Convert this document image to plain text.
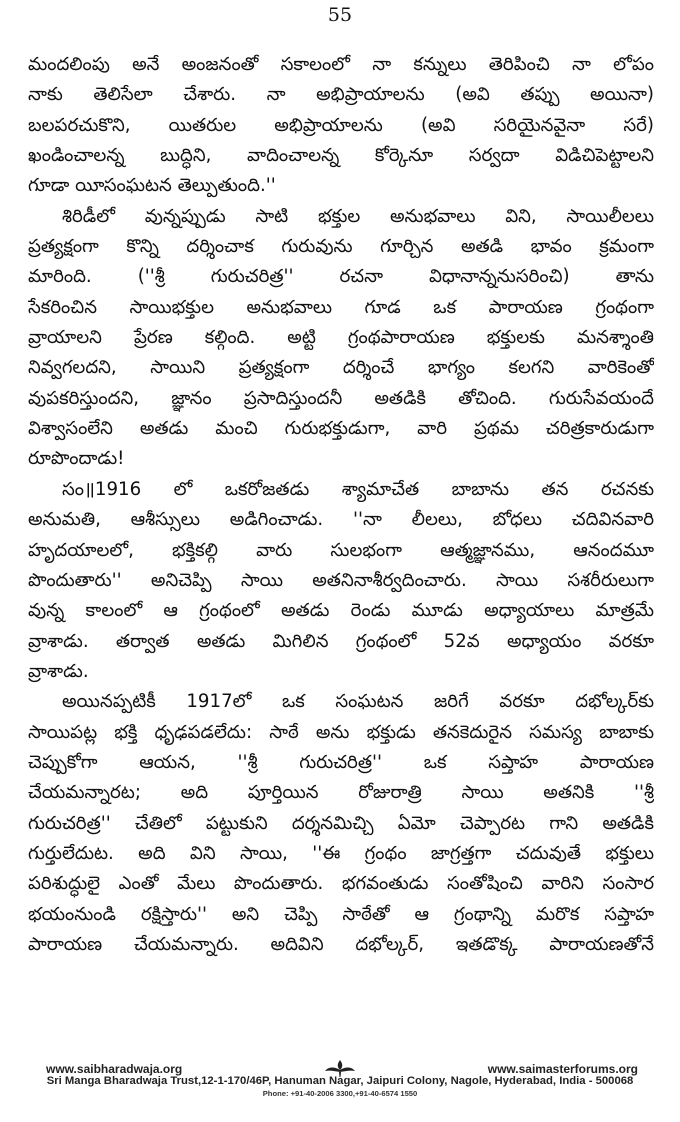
55
మందలింపు అనే అంజనంతో సకాలంలో నా కన్నులు తెరిపించి నా లోపం
నాకు తెలిసేలా చేశారు. నా అభిప్రాయాలను (అవి తప్పు అయినా)
బలపరచుకొని, యితరుల అభిప్రాయాలను (అవి సరియైనవైనా సరే)
ఖండించాలన్న బుద్ధిని, వాదించాలన్న కోర్కెనూ సర్వదా విడిచిపెట్టాలని
గూడా యీసంఘటన తెల్పుతుంది.''
శిరిడీలో వున్నప్పుడు సాటి భక్తుల అనుభవాలు విని, సాయిలీలలు
ప్రత్యక్షంగా కొన్ని దర్శించాక గురువును గూర్చిన అతడి భావం క్రమంగా
మారింది. (''శ్రీ గురుచరిత్ర'' రచనా విధానాన్ననుసరించి) తాను
సేకరించిన సాయిభక్తుల అనుభవాలు గూడ ఒక పారాయణ గ్రంథంగా
వ్రాయాలని ప్రేరణ కల్గింది. అట్టి గ్రంథపారాయణ భక్తులకు మనశ్శాంతి
నివ్వగలదని, సాయిని ప్రత్యక్షంగా దర్శించే భాగ్యం కలగని వారికెంతో
వుపకరిస్తుందని, జ్ఞానం ప్రసాదిస్తుందనీ అతడికి తోచింది. గురుసేవయందే
విశ్వాసంలేని అతడు మంచి గురుభక్తుడుగా, వారి ప్రథమ చరిత్రకారుడుగా
రూపొందాడు!
సం॥1916 లో ఒకరోజతడు శ్యామాచేత బాబాను తన రచనకు
అనుమతి, ఆశీస్సులు అడిగించాడు. ''నా లీలలు, బోధలు చదివినవారి
హృదయాలలో, భక్తికల్గి వారు సులభంగా ఆత్మజ్ఞానము, ఆనందమూ
పొందుతారు'' అనిచెప్పి సాయి అతనినాశీర్వదించారు. సాయి సశరీరులుగా
వున్న కాలంలో ఆ గ్రంథంలో అతడు రెండు మూడు అధ్యాయాలు మాత్రమే
వ్రాశాడు. తర్వాత అతడు మిగిలిన గ్రంథంలో 52వ అధ్యాయం వరకూ
వ్రాశాడు.
అయినప్పటికీ 1917లో ఒక సంఘటన జరిగే వరకూ దభోల్కర్‌కు
సాయిపట్ల భక్తి ధృఢపడలేదు: సాఠే అను భక్తుడు తనకెదురైన సమస్య బాబాకు
చెప్పుకోగా ఆయన, ''శ్రీ గురుచరిత్ర'' ఒక సప్తాహ పారాయణ
చేయమన్నారట; అది పూర్తియిన రోజురాత్రి సాయి అతనికి ''శ్రీ
గురుచరిత్ర'' చేతిలో పట్టుకుని దర్శనమిచ్చి ఏమో చెప్పారట గాని అతడికి
గుర్తులేదుట. అది విని సాయి, ''ఈ గ్రంథం జాగ్రత్తగా చదువుతే భక్తులు
పరిశుద్ధులై ఎంతో మేలు పొందుతారు. భగవంతుడు సంతోషించి వారిని సంసార
భయంనుండి రక్షిస్తారు'' అని చెప్పి సాఠేతో ఆ గ్రంథాన్ని మరొక సప్తాహ
పారాయణ చేయమన్నారు. అదివిని దభోల్కర్, ఇతడొక్క పారాయణతోనే
www.saibharadwaja.org	www.saimasterforums.org
Sri Manga Bharadwaja Trust,12-1-170/46P, Hanuman Nagar, Jaipuri Colony, Nagole, Hyderabad, India - 500068
Phone: +91-40-2006 3300,+91-40-6574 1550
